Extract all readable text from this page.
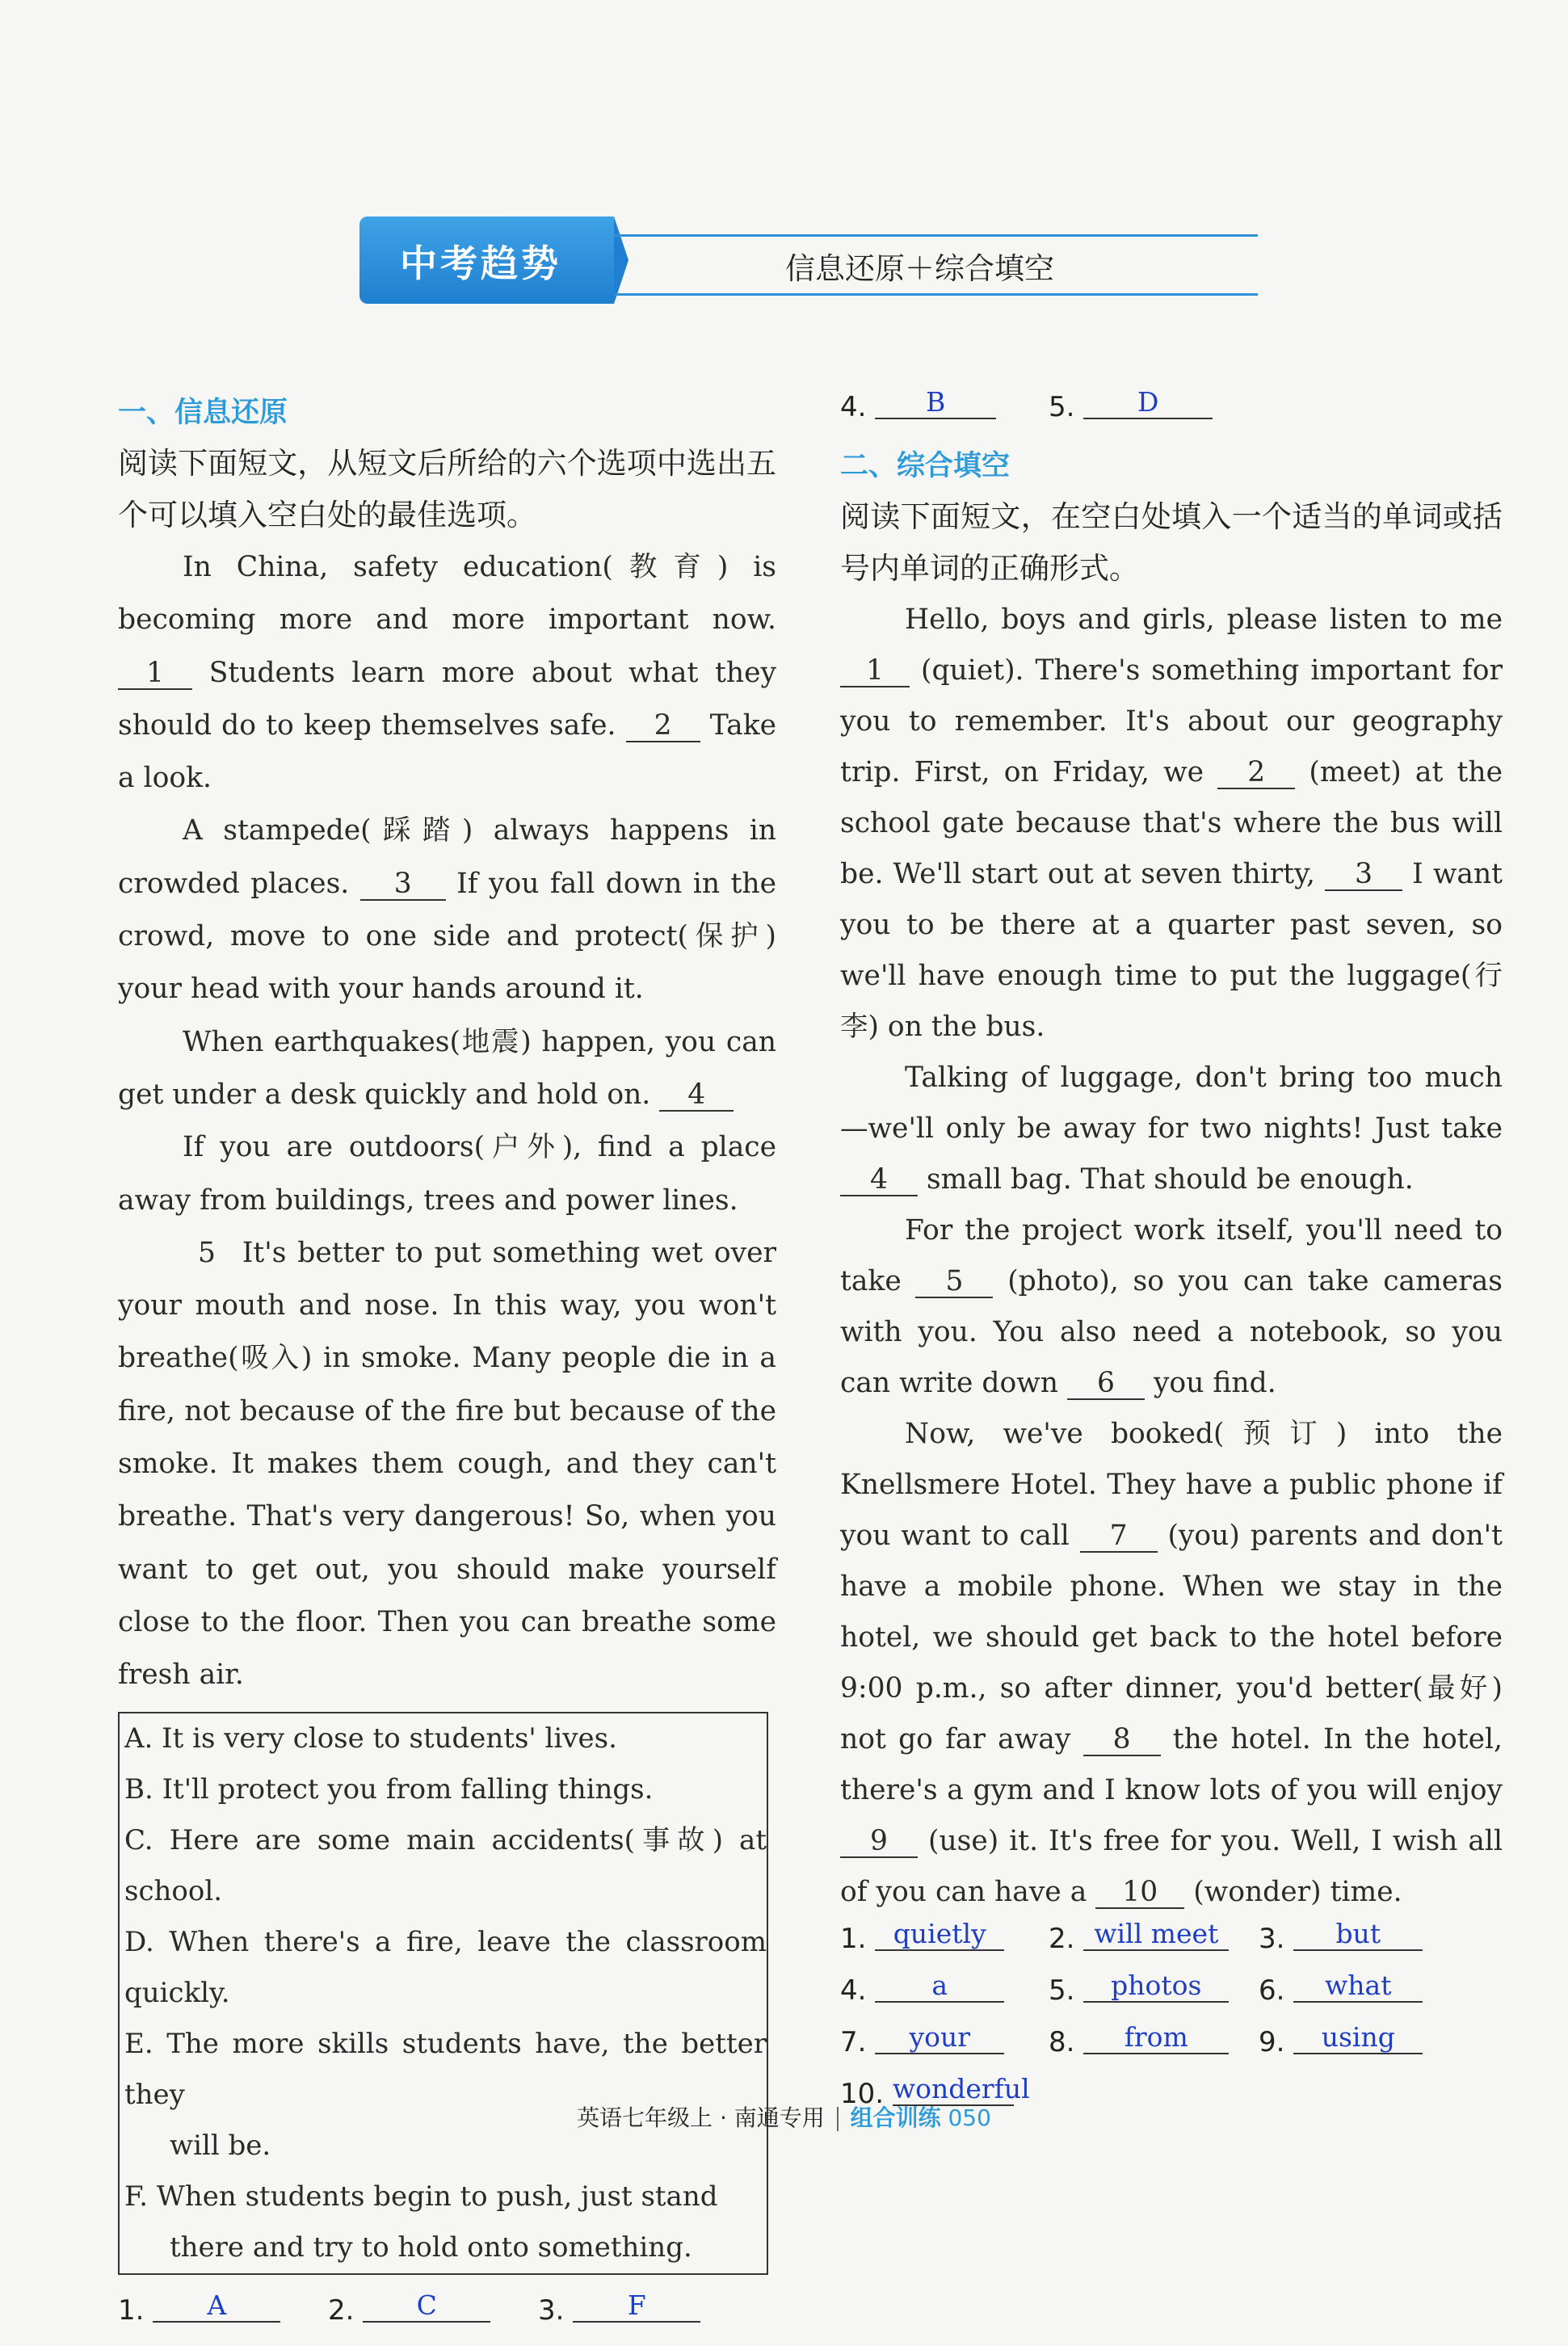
中考趋势	信息还原＋综合填空
一、信息还原
阅读下面短文，从短文后所给的六个选项中选出五个可以填入空白处的最佳选项。

In China, safety education(教育) is becoming more and more important now. 1 Students learn more about what they should do to keep themselves safe. 2 Take a look.

A stampede(踩踏) always happens in crowded places. 3 If you fall down in the crowd, move to one side and protect(保护) your head with your hands around it.

When earthquakes(地震) happen, you can get under a desk quickly and hold on. 4

If you are outdoors(户外), find a place away from buildings, trees and power lines.

5 It's better to put something wet over your mouth and nose. In this way, you won't breathe(吸入) in smoke. Many people die in a fire, not because of the fire but because of the smoke. It makes them cough, and they can't breathe. That's very dangerous! So, when you want to get out, you should make yourself close to the floor. Then you can breathe some fresh air.

A. It is very close to students' lives.
B. It'll protect you from falling things.
C. Here are some main accidents(事故) at school.
D. When there's a fire, leave the classroom quickly.
E. The more skills students have, the better they
will be.
F. When students begin to push, just stand
there and try to hold onto something.
1. A	2. C	3. F
4. B	5. D
二、综合填空
阅读下面短文，在空白处填入一个适当的单词或括号内单词的正确形式。

Hello, boys and girls, please listen to me 1 (quiet). There's something important for you to remember. It's about our geography trip. First, on Friday, we 2 (meet) at the school gate because that's where the bus will be. We'll start out at seven thirty, 3 I want you to be there at a quarter past seven, so we'll have enough time to put the luggage(行李) on the bus.

Talking of luggage, don't bring too much—we'll only be away for two nights! Just take 4 small bag. That should be enough.

For the project work itself, you'll need to take 5 (photo), so you can take cameras with you. You also need a notebook, so you can write down 6 you find.

Now, we've booked(预订) into the Knellsmere Hotel. They have a public phone if you want to call 7 (you) parents and don't have a mobile phone. When we stay in the hotel, we should get back to the hotel before 9:00 p.m., so after dinner, you'd better(最好) not go far away 8 the hotel. In the hotel, there's a gym and I know lots of you will enjoy 9 (use) it. It's free for you. Well, I wish all of you can have a 10 (wonder) time.

1. quietly	2. will meet	3. but
4. a	5. photos	6. what
7. your	8. from	9. using
10. wonderful
英语七年级上 · 南通专用 组合训练 050
